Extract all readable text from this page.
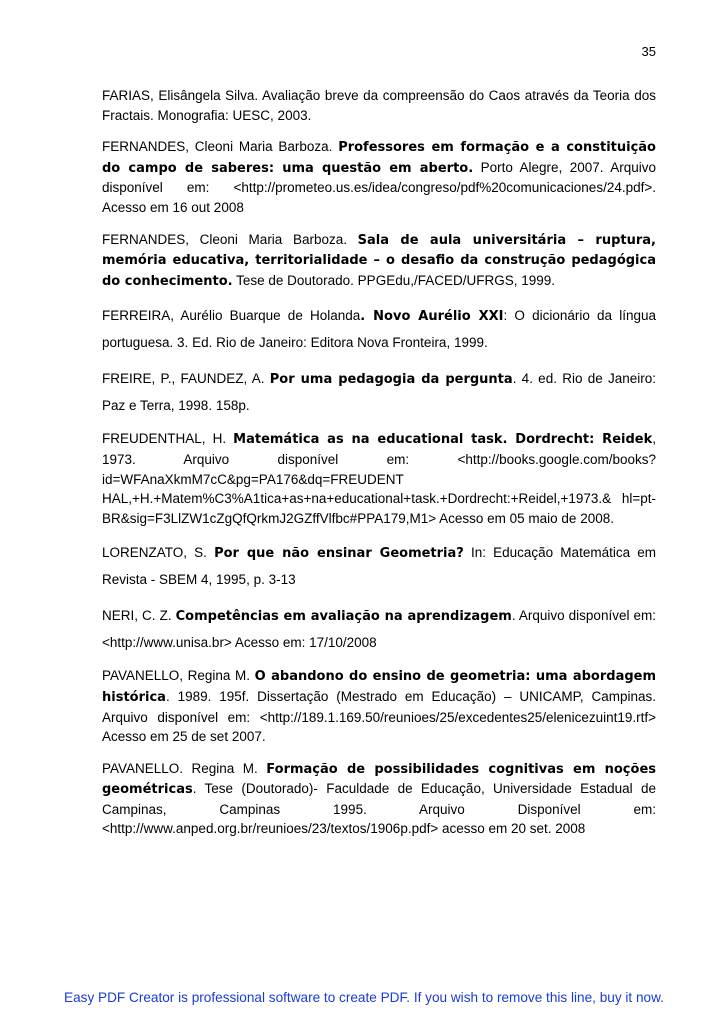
35

FARIAS, Elisângela Silva. Avaliação breve da compreensão do Caos através da Teoria dos Fractais. Monografia: UESC, 2003.

FERNANDES, Cleoni Maria Barboza. Professores em formação e a constituição do campo de saberes: uma questão em aberto. Porto Alegre, 2007. Arquivo disponível em: <http://prometeo.us.es/idea/congreso/pdf%20comunicaciones/24.pdf>. Acesso em 16 out 2008

FERNANDES, Cleoni Maria Barboza. Sala de aula universitária – ruptura, memória educativa, territorialidade – o desafio da construção pedagógica do conhecimento. Tese de Doutorado. PPGEdu,/FACED/UFRGS, 1999.

FERREIRA, Aurélio Buarque de Holanda. Novo Aurélio XXI: O dicionário da língua portuguesa. 3. Ed. Rio de Janeiro: Editora Nova Fronteira, 1999.

FREIRE, P., FAUNDEZ, A. Por uma pedagogia da pergunta. 4. ed. Rio de Janeiro: Paz e Terra, 1998. 158p.

FREUDENTHAL, H. Matemática as na educational task. Dordrecht: Reidek, 1973. Arquivo disponível em: <http://books.google.com/books?id=WFAnaXkmM7cC&pg=PA176&dq=FREUDENT HAL,+H.+Matem%C3%A1tica+as+na+educational+task.+Dordrecht:+Reidel,+1973.& hl=pt-BR&sig=F3LlZW1cZgQfQrkmJ2GZffVlfbc#PPA179,M1> Acesso em 05 maio de 2008.

LORENZATO, S. Por que não ensinar Geometria? In: Educação Matemática em Revista - SBEM 4, 1995, p. 3-13

NERI, C. Z. Competências em avaliação na aprendizagem. Arquivo disponível em: <http://www.unisa.br> Acesso em: 17/10/2008

PAVANELLO, Regina M. O abandono do ensino de geometria: uma abordagem histórica. 1989. 195f. Dissertação (Mestrado em Educação) – UNICAMP, Campinas. Arquivo disponível em: <http://189.1.169.50/reunioes/25/excedentes25/elenicezuint19.rtf> Acesso em 25 de set 2007.

PAVANELLO. Regina M. Formação de possibilidades cognitivas em noções geométricas. Tese (Doutorado)- Faculdade de Educação, Universidade Estadual de Campinas, Campinas 1995. Arquivo Disponível em: <http://www.anped.org.br/reunioes/23/textos/1906p.pdf> acesso em 20 set. 2008

Easy PDF Creator is professional software to create PDF. If you wish to remove this line, buy it now.
